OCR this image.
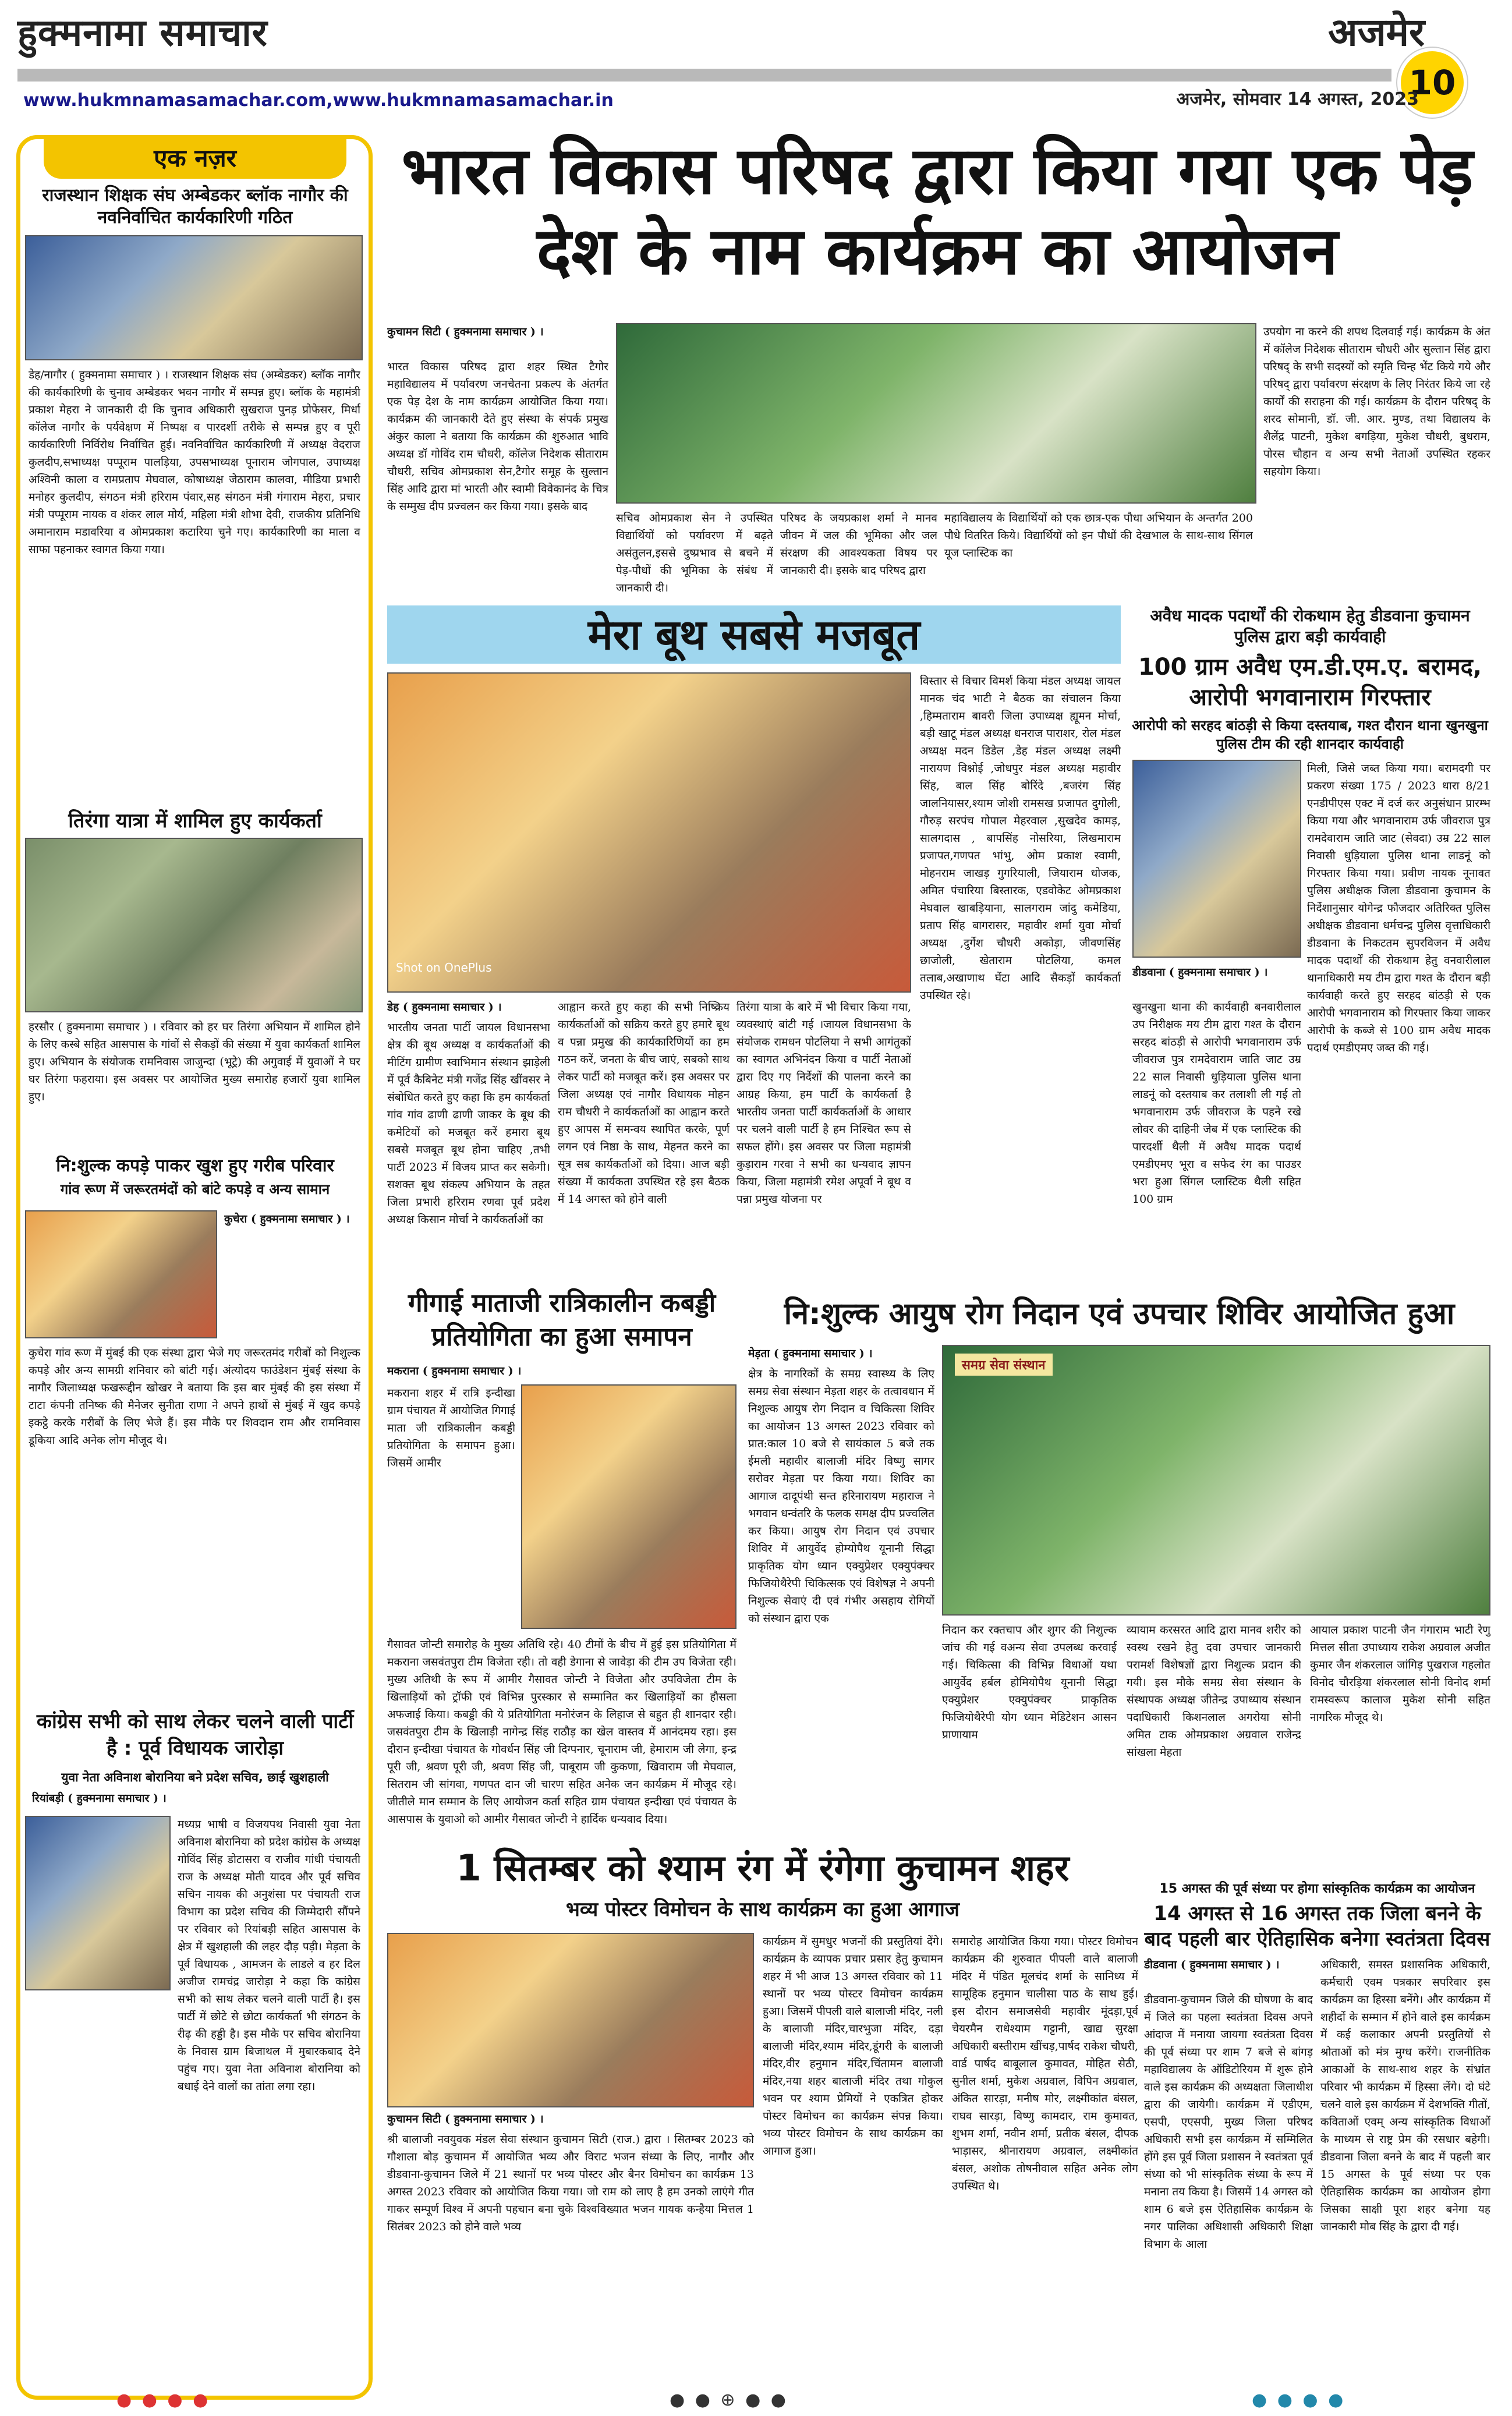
हुक्मनामा समाचार	अजमेर
10
www.hukmnamasamachar.com,www.hukmnamasamachar.in	अजमेर, सोमवार 14 अगस्त, 2023
एक नज़र
राजस्थान शिक्षक संघ अम्बेडकर ब्लॉक नागौर की नवनिर्वाचित कार्यकारिणी गठित
डेह/नागौर ( हुक्मनामा समाचार ) । राजस्थान शिक्षक संघ (अम्बेडकर) ब्लॉक नागौर की कार्यकारिणी के चुनाव अम्बेडकर भवन नागौर में सम्पन्न हुए। ब्लॉक के महामंत्री प्रकाश मेहरा ने जानकारी दी कि चुनाव अधिकारी सुखराज पुनड़ प्रोफेसर, मिर्धा कॉलेज नागौर के पर्यवेक्षण में निष्पक्ष व पारदर्शी तरीके से सम्पन्न हुए व पूरी कार्यकारिणी निर्विरोध निर्वाचित हुई। नवनिर्वाचित कार्यकारिणी में अध्यक्ष वेदराज कुलदीप,सभाध्यक्ष पप्पूराम पालड़िया, उपसभाध्यक्ष पूनाराम जोगपाल, उपाध्यक्ष अश्विनी काला व रामप्रताप मेघवाल, कोषाध्यक्ष जेठाराम कालवा, मीडिया प्रभारी मनोहर कुलदीप, संगठन मंत्री हरिराम पंवार,सह संगठन मंत्री गंगाराम मेहरा, प्रचार मंत्री पप्पूराम नायक व शंकर लाल मोर्य, महिला मंत्री शोभा देवी, राजकीय प्रतिनिधि अमानाराम मडावरिया व ओमप्रकाश कटारिया चुने गए। कार्यकारिणी का माला व साफा पहनाकर स्वागत किया गया।
तिरंगा यात्रा में शामिल हुए कार्यकर्ता
हरसौर ( हुक्मनामा समाचार ) । रविवार को हर घर तिरंगा अभियान में शामिल होने के लिए कस्बे सहित आसपास के गांवों से सैकड़ों की संख्या में युवा कार्यकर्ता शामिल हुए। अभियान के संयोजक रामनिवास जाजुन्दा (भूट्रे) की अगुवाई में युवाओं ने घर घर तिरंगा फहराया। इस अवसर पर आयोजित मुख्य समारोह हजारों युवा शामिल हुए।
नि:शुल्क कपड़े पाकर खुश हुए गरीब परिवार
गांव रूण में जरूरतमंदों को बांटे कपड़े व अन्य सामान
कुचेरा ( हुक्मनामा समाचार ) ।
कुचेरा गांव रूण में मुंबई की एक संस्था द्वारा भेजे गए जरूरतमंद गरीबों को निशुल्क कपड़े और अन्य सामग्री शनिवार को बांटी गई। अंत्योदय फाउंडेशन मुंबई संस्था के नागौर जिलाध्यक्ष फखरूद्दीन खोखर ने बताया कि इस बार मुंबई की इस संस्था में टाटा कंपनी तनिष्क की मैनेजर सुनीता राणा ने अपने हाथों से मुंबई में खुद कपड़े इकट्ठे करके गरीबों के लिए भेजे हैं। इस मौके पर शिवदान राम और रामनिवास डूकिया आदि अनेक लोग मौजूद थे।
कांग्रेस सभी को साथ लेकर चलने वाली पार्टी है : पूर्व विधायक जारोड़ा
युवा नेता अविनाश बोरानिया बने प्रदेश सचिव, छाई खुशहाली
रियांबड़ी ( हुक्मनामा समाचार ) ।
मध्यप्र भाषी व विजयपथ निवासी युवा नेता अविनाश बोरानिया को प्रदेश कांग्रेस के अध्यक्ष गोविंद सिंह डोटासरा व राजीव गांधी पंचायती राज के अध्यक्ष मोती यादव और पूर्व सचिव सचिन नायक की अनुशंसा पर पंचायती राज विभाग का प्रदेश सचिव की जिम्मेदारी सौंपने पर रविवार को रियांबड़ी सहित आसपास के क्षेत्र में खुशहाली की लहर दौड़ पड़ी। मेड़ता के पूर्व विधायक , आमजन के लाडले व हर दिल अजीज रामचंद्र जारोड़ा ने कहा कि कांग्रेस सभी को साथ लेकर चलने वाली पार्टी है। इस पार्टी में छोटे से छोटा कार्यकर्ता भी संगठन के रीढ़ की हड्डी है। इस मौके पर सचिव बोरानिया के निवास ग्राम बिजाथल में मुबारकबाद देने पहुंच गए। युवा नेता अविनाश बोरानिया को बधाई देने वालों का तांता लगा रहा।
भारत विकास परिषद द्वारा किया गया एक पेड़ देश के नाम कार्यक्रम का आयोजन
कुचामन सिटी ( हुक्मनामा समाचार ) ।
भारत विकास परिषद द्वारा शहर स्थित टैगोर महाविद्यालय में पर्यावरण जनचेतना प्रकल्प के अंतर्गत एक पेड़ देश के नाम कार्यक्रम आयोजित किया गया। कार्यक्रम की जानकारी देते हुए संस्था के संपर्क प्रमुख अंकुर काला ने बताया कि कार्यक्रम की शुरुआत भावि अध्यक्ष डॉ गोविंद राम चौधरी, कॉलेज निदेशक सीताराम चौधरी, सचिव ओमप्रकाश सेन,टैगोर समूह के सुल्तान सिंह आदि द्वारा मां भारती और स्वामी विवेकानंद के चित्र के सम्मुख दीप प्रज्वलन कर किया गया। इसके बाद
सचिव ओमप्रकाश सेन ने उपस्थित विद्यार्थियों को पर्यावरण में बढ़ते असंतुलन,इससे दुष्प्रभाव से बचने में पेड़-पौधों की भूमिका के संबंध में जानकारी दी।
परिषद के जयप्रकाश शर्मा ने मानव जीवन में जल की भूमिका और जल संरक्षण की आवश्यकता विषय पर जानकारी दी। इसके बाद परिषद द्वारा
महाविद्यालय के विद्यार्थियों को एक छात्र-एक पौधा अभियान के अन्तर्गत 200 पौधे वितरित किये। विद्यार्थियों को इन पौधों की देखभाल के साथ-साथ सिंगल यूज प्लास्टिक का
उपयोग ना करने की शपथ दिलवाई गई। कार्यक्रम के अंत में कॉलेज निदेशक सीताराम चौधरी और सुल्तान सिंह द्वारा परिषद् के सभी सदस्यों को स्मृति चिन्ह भेंट किये गये और परिषद् द्वारा पर्यावरण संरक्षण के लिए निरंतर किये जा रहे कार्यों की सराहना की गई। कार्यक्रम के दौरान परिषद् के शरद सोमानी, डॉ. जी. आर. मुण्ड, तथा विद्यालय के शैलेंद्र पाटनी, मुकेश बगड़िया, मुकेश चौधरी, बुधराम, पोरस चौहान व अन्य सभी नेताओं उपस्थित रहकर सहयोग किया।
मेरा बूथ सबसे मजबूत
Shot on OnePlus
डेह ( हुक्मनामा समाचार ) ।
भारतीय जनता पार्टी जायल विधानसभा क्षेत्र की बूथ अध्यक्ष व कार्यकर्ताओं की मीटिंग ग्रामीण स्वाभिमान संस्थान झाड़ेली में पूर्व कैबिनेट मंत्री गजेंद्र सिंह खींवसर ने संबोधित करते हुए कहा कि हम कार्यकर्ता गांव गांव ढाणी ढाणी जाकर के बूथ की कमेटियों को मजबूत करें हमारा बूथ सबसे मजबूत बूथ होना चाहिए ,तभी पार्टी 2023 में विजय प्राप्त कर सकेगी। सशक्त बूथ संकल्प अभियान के तहत जिला प्रभारी हरिराम रणवा पूर्व प्रदेश अध्यक्ष किसान मोर्चा ने कार्यकर्ताओं का
आह्वान करते हुए कहा की सभी निष्क्रिय कार्यकर्ताओं को सक्रिय करते हुए हमारे बूथ व पन्ना प्रमुख की कार्यकारिणियों का हम गठन करें, जनता के बीच जाएं, सबको साथ लेकर पार्टी को मजबूत करें। इस अवसर पर जिला अध्यक्ष एवं नागौर विधायक मोहन राम चौधरी ने कार्यकर्ताओं का आह्वान करते हुए आपस में समन्वय स्थापित करके, पूर्ण लगन एवं निष्ठा के साथ, मेहनत करने का सूत्र सब कार्यकर्ताओं को दिया। आज बड़ी संख्या में कार्यकता उपस्थित रहे इस बैठक में 14 अगस्त को होने वाली
तिरंगा यात्रा के बारे में भी विचार किया गया, व्यवस्थाएं बांटी गई ।जायल विधानसभा के संयोजक रामधन पोटलिया ने सभी आगंतुकों का स्वागत अभिनंदन किया व पार्टी नेताओं द्वारा दिए गए निर्देशों की पालना करने का आग्रह किया, हम पार्टी के कार्यकर्ता है भारतीय जनता पार्टी कार्यकर्ताओं के आधार पर चलने वाली पार्टी है हम निश्चित रूप से सफल होंगे। इस अवसर पर जिला महामंत्री कुड़ाराम गरवा ने सभी का धन्यवाद ज्ञापन किया, जिला महामंत्री रमेश अपूर्वा ने बूथ व पन्ना प्रमुख योजना पर
विस्तार से विचार विमर्श किया मंडल अध्यक्ष जायल मानक चंद भाटी ने बैठक का संचालन किया ,हिम्मताराम बावरी जिला उपाध्यक्ष ह्यूमन मोर्चा, बड़ी खाटू मंडल अध्यक्ष धनराज पाराशर, रोल मंडल अध्यक्ष मदन डिडेल ,डेह मंडल अध्यक्ष लक्ष्मी नारायण विश्नोई ,जोधपुर मंडल अध्यक्ष महावीर सिंह, बाल सिंह बोरिंदे ,बजरंग सिंह जालनियासर,श्याम जोशी रामसख प्रजापत दुगोली, गौरुड़ सरपंच गोपाल मेहरवाल ,सुखदेव कामड़, सालगदास , बापसिंह नोसरिया, लिखमाराम प्रजापत,गणपत भांभु, ओम प्रकाश स्वामी, मोहनराम जाखड़ गुगरियाली, जियाराम धोजक, अमित पंचारिया बिस्तारक, एडवोकेट ओमप्रकाश मेघवाल खाबड़ियाना, सालगराम जांदु कमेडिया, प्रताप सिंह बागरासर, महावीर शर्मा युवा मोर्चा अध्यक्ष ,दुर्गेश चौधरी अकोड़ा, जीवणसिंह छाजोली, खेताराम पोटलिया, कमल तलाब,अखाणाथ घेंटा आदि सैकड़ों कार्यकर्ता उपस्थित रहे।
अवैध मादक पदार्थों की रोकथाम हेतु डीडवाना कुचामन पुलिस द्वारा बड़ी कार्यवाही
100 ग्राम अवैध एम.डी.एम.ए. बरामद, आरोपी भगवानाराम गिरफ्तार
आरोपी को सरहद बांठड़ी से किया दस्तयाब, गश्त दौरान थाना खुनखुना पुलिस टीम की रही शानदार कार्यवाही
मिली, जिसे जब्त किया गया। बरामदगी पर प्रकरण संख्या 175 / 2023 धारा 8/21 एनडीपीएस एक्ट में दर्ज कर अनुसंधान प्रारम्भ किया गया और भगवानाराम उर्फ जीवराज पुत्र रामदेवाराम जाति जाट (सेवदा) उम्र 22 साल निवासी धुड़ियाला पुलिस थाना लाडनूं को गिरफ्तार किया गया। प्रवीण नायक नूनावत पुलिस अधीक्षक जिला डीडवाना कुचामन के निर्देशानुसार योगेन्द्र फौजदार अतिरिक्त पुलिस अधीक्षक डीडवाना धर्मचन्द्र पुलिस वृत्ताधिकारी डीडवाना के निकटतम सुपरविजन में अवैध मादक पदार्थों की रोकथाम हेतु वनवारीलाल थानाधिकारी मय टीम द्वारा गश्त के दौरान बड़ी कार्यवाही करते हुए सरहद बांठड़ी से एक आरोपी भगवानाराम को गिरफ्तार किया जाकर आरोपी के कब्जे से 100 ग्राम अवैध मादक पदार्थ एमडीएमए जब्त की गई।
डीडवाना ( हुक्मनामा समाचार ) ।
खुनखुना थाना की कार्यवाही बनवारीलाल उप निरीक्षक मय टीम द्वारा गश्त के दौरान सरहद बांठड़ी से आरोपी भगवानाराम उर्फ जीवराज पुत्र रामदेवाराम जाति जाट उम्र 22 साल निवासी धुड़ियाला पुलिस थाना लाडनूं को दस्तयाब कर तलाशी ली गई तो भगवानाराम उर्फ जीवराज के पहने रखे लोवर की दाहिनी जेब में एक प्लास्टिक की पारदर्शी थैली में अवैध मादक पदार्थ एमडीएमए भूरा व सफेद रंग का पाउडर भरा हुआ सिंगल प्लास्टिक थैली सहित 100 ग्राम
गीगाई माताजी रात्रिकालीन कबड्डी प्रतियोगिता का हुआ समापन
मकराना ( हुक्मनामा समाचार ) ।
मकराना शहर में रात्रि इन्दीखा ग्राम पंचायत में आयोजित गिगाई माता जी रात्रिकालीन कबड्डी प्रतियोगिता के समापन हुआ। जिसमें आमीर
गैसावत जोन्टी समारोह के मुख्य अतिथि रहे। 40 टीमों के बीच में हुई इस प्रतियोगिता में मकराना जसवंतपुरा टीम विजेता रही। तो वही डेगाना से जावेड़ा की टीम उप विजेता रही। मुख्य अतिथी के रूप में आमीर गैसावत जोन्टी ने विजेता और उपविजेता टीम के खिलाड़ियों को ट्रॉफी एवं विभिन्न पुरस्कार से सम्मानित कर खिलाड़ियों का हौसला अफजाई किया। कबड्डी की ये प्रतियोगिता मनोरंजन के लिहाज से बहुत ही शानदार रही। जसवंतपुरा टीम के खिलाड़ी नागेन्द्र सिंह राठौड़ का खेल वास्तव में आनंदमय रहा। इस दौरान इन्दीखा पंचायत के गोवर्धन सिंह जी दिग्पनार, चूनाराम जी, हेमाराम जी लेगा, इन्द्र पूरी जी, श्रवण पूरी जी, श्रवण सिंह जी, पाबूराम जी कुकणा, खिवाराम जी मेघवाल, सितराम जी सांगवा, गणपत दान जी चारण सहित अनेक जन कार्यक्रम में मौजूद रहे। जीतीले मान सम्मान के लिए आयोजन कर्ता सहित ग्राम पंचायत इन्दीखा एवं पंचायत के आसपास के युवाओ को आमीर गैसावत जोन्टी ने हार्दिक धन्यवाद दिया।
नि:शुल्क आयुष रोग निदान एवं उपचार शिविर आयोजित हुआ
मेड़ता ( हुक्मनामा समाचार ) ।
क्षेत्र के नागरिकों के समग्र स्वास्थ्य के लिए समग्र सेवा संस्थान मेड़ता शहर के तत्वावधान में निशुल्क आयुष रोग निदान व चिकित्सा शिविर का आयोजन 13 अगस्त 2023 रविवार को प्रात:काल 10 बजे से सायंकाल 5 बजे तक ईमली महावीर बालाजी मंदिर विष्णु सागर सरोवर मेड़ता पर किया गया। शिविर का आगाज दादूपंथी सन्त हरिनारायण महाराज ने भगवान धन्वंतरि के फलक समक्ष दीप प्रज्वलित कर किया। आयुष रोग निदान एवं उपचार शिविर में आयुर्वेद होम्योपैथ यूनानी सिद्धा प्राकृतिक योग ध्यान एक्युप्रेशर एक्युपंक्चर फिजियोथैरेपी चिकित्सक एवं विशेषज्ञ ने अपनी निशुल्क सेवाएं दी एवं गंभीर असहाय रोगियों को संस्थान द्वारा एक
समग्र सेवा संस्थान
निदान कर रक्तचाप और शुगर की निशुल्क जांच की गई वअन्य सेवा उपलब्ध करवाई गई। चिकित्सा की विभिन्न विधाओं यथा आयुर्वेद हर्बल होमियोपैथ यूनानी सिद्धा एक्युप्रेशर एक्युपंक्चर प्राकृतिक फिजियोथैरेपी योग ध्यान मेडिटेशन आसन प्राणायाम
व्यायाम करसरत आदि द्वारा मानव शरीर को स्वस्थ रखने हेतु दवा उपचार जानकारी परामर्श विशेषज्ञों द्वारा निशुल्क प्रदान की गयी। इस मौके समग्र सेवा संस्थान के संस्थापक अध्यक्ष जीतेन्द्र उपाध्याय संस्थान पदाधिकारी किशनलाल अगरोया सोनी अमित टाक ओमप्रकाश अग्रवाल राजेन्द्र सांखला मेहता
आयाल प्रकाश पाटनी जैन गंगाराम भाटी रेणु मित्तल सीता उपाध्याय राकेश अग्रवाल अजीत कुमार जैन शंकरलाल जांगिड़ पुखराज गहलोत विनोद चौरड़िया शंकरलाल सोनी विनोद शर्मा रामस्वरूप कालाज मुकेश सोनी सहित नागरिक मौजूद थे।
1 सितम्बर को श्याम रंग में रंगेगा कुचामन शहर
भव्य पोस्टर विमोचन के साथ कार्यक्रम का हुआ आगाज
कुचामन सिटी ( हुक्मनामा समाचार ) ।
श्री बालाजी नवयुवक मंडल सेवा संस्थान कुचामन सिटी (राज.) द्वारा । सितम्बर 2023 को गौशाला बोड़ कुचामन में आयोजित भव्य और विराट भजन संध्या के लिए, नागौर और डीडवाना-कुचामन जिले में 21 स्थानों पर भव्य पोस्टर और बैनर विमोचन का कार्यक्रम 13 अगस्त 2023 रविवार को आयोजित किया गया। जो राम को लाए है हम उनको लाएंगे गीत गाकर सम्पूर्ण विश्व में अपनी पहचान बना चुके विश्वविख्यात भजन गायक कन्हैया मित्तल 1 सितंबर 2023 को होने वाले भव्य
कार्यक्रम में सुमधुर भजनों की प्रस्तुतियां देंगे। कार्यक्रम के व्यापक प्रचार प्रसार हेतु कुचामन शहर में भी आज 13 अगस्त रविवार को 11 स्थानों पर भव्य पोस्टर विमोचन कार्यक्रम हुआ। जिसमें पीपली वाले बालाजी मंदिर, नली के बालाजी मंदिर,चारभुजा मंदिर, दड़ा बालाजी मंदिर,श्याम मंदिर,डूंगरी के बालाजी मंदिर,वीर हनुमान मंदिर,चिंतामन बालाजी मंदिर,नया शहर बालाजी मंदिर तथा गोकुल भवन पर श्याम प्रेमियों ने एकत्रित होकर पोस्टर विमोचन का कार्यक्रम संपन्न किया। भव्य पोस्टर विमोचन के साथ कार्यक्रम का आगाज हुआ।
समारोह आयोजित किया गया। पोस्टर विमोचन कार्यक्रम की शुरुवात पीपली वाले बालाजी मंदिर में पंडित मूलचंद शर्मा के सानिध्य में सामूहिक हनुमान चालीसा पाठ के साथ हुई। इस दौरान समाजसेवी महावीर मूंदड़ा,पूर्व चेयरमैन राधेश्याम गट्टानी, खाद्य सुरक्षा अधिकारी बस्तीराम खींचड़,पार्षद राकेश चौधरी, वार्ड पार्षद बाबूलाल कुमावत, मोहित सेठी, सुनील शर्मा, मुकेश अग्रवाल, विपिन अग्रवाल, अंकित सारड़ा, मनीष मोर, लक्ष्मीकांत बंसल, राघव सारड़ा, विष्णु कामदार, राम कुमावत, शुभम शर्मा, नवीन शर्मा, प्रतीक बंसल, दीपक भाड़ासर, श्रीनारायण अग्रवाल, लक्ष्मीकांत बंसल, अशोक तोषनीवाल सहित अनेक लोग उपस्थित थे।
15 अगस्त की पूर्व संध्या पर होगा सांस्कृतिक कार्यक्रम का आयोजन
14 अगस्त से 16 अगस्त तक जिला बनने के बाद पहली बार ऐतिहासिक बनेगा स्वतंत्रता दिवस
डीडवाना ( हुक्मनामा समाचार ) ।
डीडवाना-कुचामन जिले की घोषणा के बाद में जिले का पहला स्वतंत्रता दिवस अपने आंदाज में मनाया जायगा स्वतंत्रता दिवस की पूर्व संध्या पर शाम 7 बजे से बांगड़ महाविद्यालय के ऑडिटोरियम में शुरू होने वाले इस कार्यक्रम की अध्यक्षता जिलाधीश द्वारा की जायेगी। कार्यक्रम में एडीएम, एसपी, एएसपी, मुख्य जिला परिषद अधिकारी सभी इस कार्यक्रम में सम्मिलित होंगे इस पूर्व जिला प्रशासन ने स्वतंत्रता पूर्व संध्या को भी सांस्कृतिक संध्या के रूप में मनाना तय किया है। जिसमें 14 अगस्त को शाम 6 बजे इस ऐतिहासिक कार्यक्रम के नगर पालिका अधिशासी अधिकारी शिक्षा विभाग के आला
अधिकारी, समस्त प्रशासनिक अधिकारी, कर्मचारी एवम पत्रकार सपरिवार इस कार्यक्रम का हिस्सा बनेंगे। और कार्यक्रम में शहीदों के सम्मान में होने वाले इस कार्यक्रम में कई कलाकार अपनी प्रस्तुतियों से श्रोताओं को मंत्र मुग्ध करेंगे। राजनीतिक आकाओं के साथ-साथ शहर के संभ्रांत परिवार भी कार्यक्रम में हिस्सा लेंगे। दो घंटे चलने वाले इस कार्यक्रम में देशभक्ति गीतों, कविताओं एवम् अन्य सांस्कृतिक विधाओं के माध्यम से राष्ट्र प्रेम की रसधार बहेगी। डीडवाना जिला बनने के बाद में पहली बार 15 अगस्त के पूर्व संध्या पर एक ऐतिहासिक कार्यक्रम का आयोजन होगा जिसका साक्षी पूरा शहर बनेगा यह जानकारी मोब सिंह के द्वारा दी गई।
● ● ● ●	● ● ⊕ ● ●	● ● ● ●
